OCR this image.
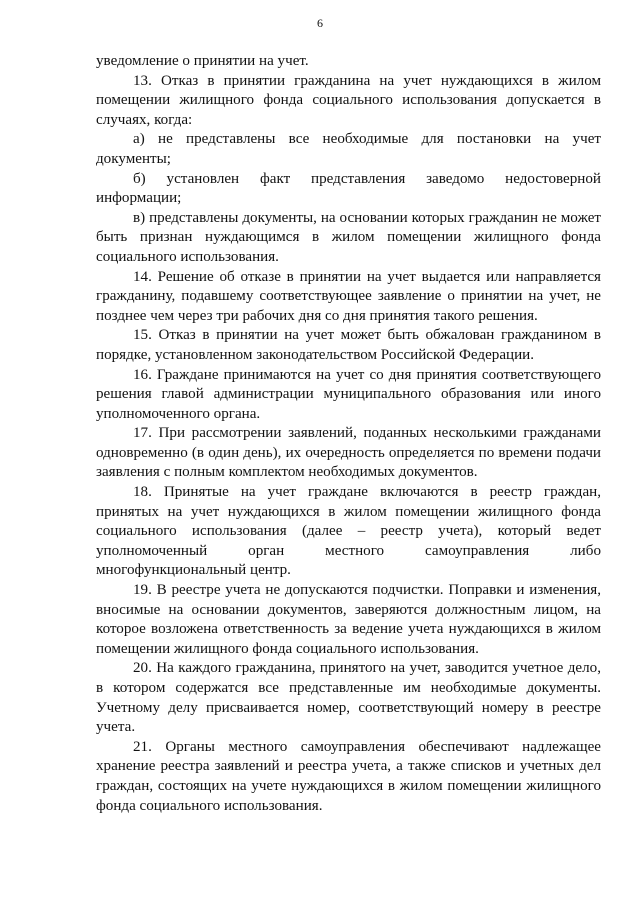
6

уведомление о принятии на учет.

13. Отказ в принятии гражданина на учет нуждающихся в жилом помещении жилищного фонда социального использования допускается в случаях, когда:

а) не представлены все необходимые для постановки на учет документы;

б) установлен факт представления заведомо недостоверной информации;

в) представлены документы, на основании которых гражданин не может быть признан нуждающимся в жилом помещении жилищного фонда социального использования.

14. Решение об отказе в принятии на учет выдается или направляется гражданину, подавшему соответствующее заявление о принятии на учет, не позднее чем через три рабочих дня со дня принятия такого решения.

15. Отказ в принятии на учет может быть обжалован гражданином в порядке, установленном законодательством Российской Федерации.

16. Граждане принимаются на учет со дня принятия соответствующего решения главой администрации муниципального образования или иного уполномоченного органа.

17. При рассмотрении заявлений, поданных несколькими гражданами одновременно (в один день), их очередность определяется по времени подачи заявления с полным комплектом необходимых документов.

18. Принятые на учет граждане включаются в реестр граждан, принятых на учет нуждающихся в жилом помещении жилищного фонда социального использования (далее – реестр учета), который ведет уполномоченный орган местного самоуправления либо многофункциональный центр.

19. В реестре учета не допускаются подчистки. Поправки и изменения, вносимые на основании документов, заверяются должностным лицом, на которое возложена ответственность за ведение учета нуждающихся в жилом помещении жилищного фонда социального использования.

20. На каждого гражданина, принятого на учет, заводится учетное дело, в котором содержатся все представленные им необходимые документы. Учетному делу присваивается номер, соответствующий номеру в реестре учета.

21. Органы местного самоуправления обеспечивают надлежащее хранение реестра заявлений и реестра учета, а также списков и учетных дел граждан, состоящих на учете нуждающихся в жилом помещении жилищного фонда социального использования.
